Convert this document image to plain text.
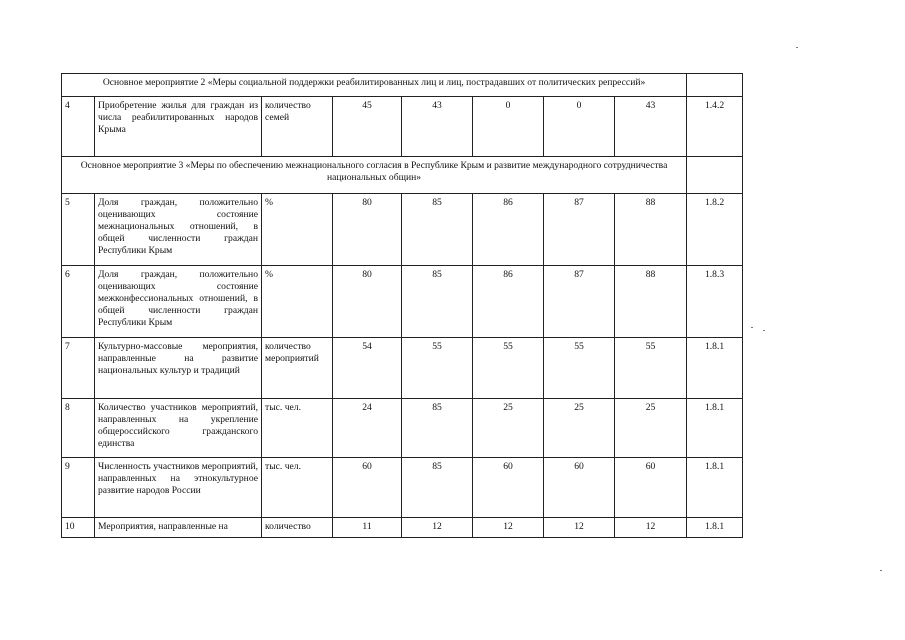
Основное мероприятие 2 «Меры социальной поддержки реабилитированных лиц и лиц, пострадавших от политических репрессий»								
4	Приобретение жилья для граждан из числа реабилитированных народов Крыма	количество семей	45	43	0	0	43	1.4.2
Основное мероприятие 3 «Меры по обеспечению межнационального согласия в Республике Крым и развитие международного сотрудничества национальных общин»								
5	Доля граждан, положительно оценивающих состояние межнациональных отношений, в общей численности граждан Республики Крым	%	80	85	86	87	88	1.8.2
6	Доля граждан, положительно оценивающих состояние межконфессиональных отношений, в общей численности граждан Республики Крым	%	80	85	86	87	88	1.8.3
7	Культурно-массовые мероприятия, направленные на развитие национальных культур и традиций	количество мероприятий	54	55	55	55	55	1.8.1
8	Количество участников мероприятий, направленных на укрепление общероссийского гражданского единства	тыс. чел.	24	85	25	25	25	1.8.1
9	Численность участников мероприятий, направленных на этнокультурное развитие народов России	тыс. чел.	60	85	60	60	60	1.8.1
10	Мероприятия, направленные на	количество	11	12	12	12	12	1.8.1
